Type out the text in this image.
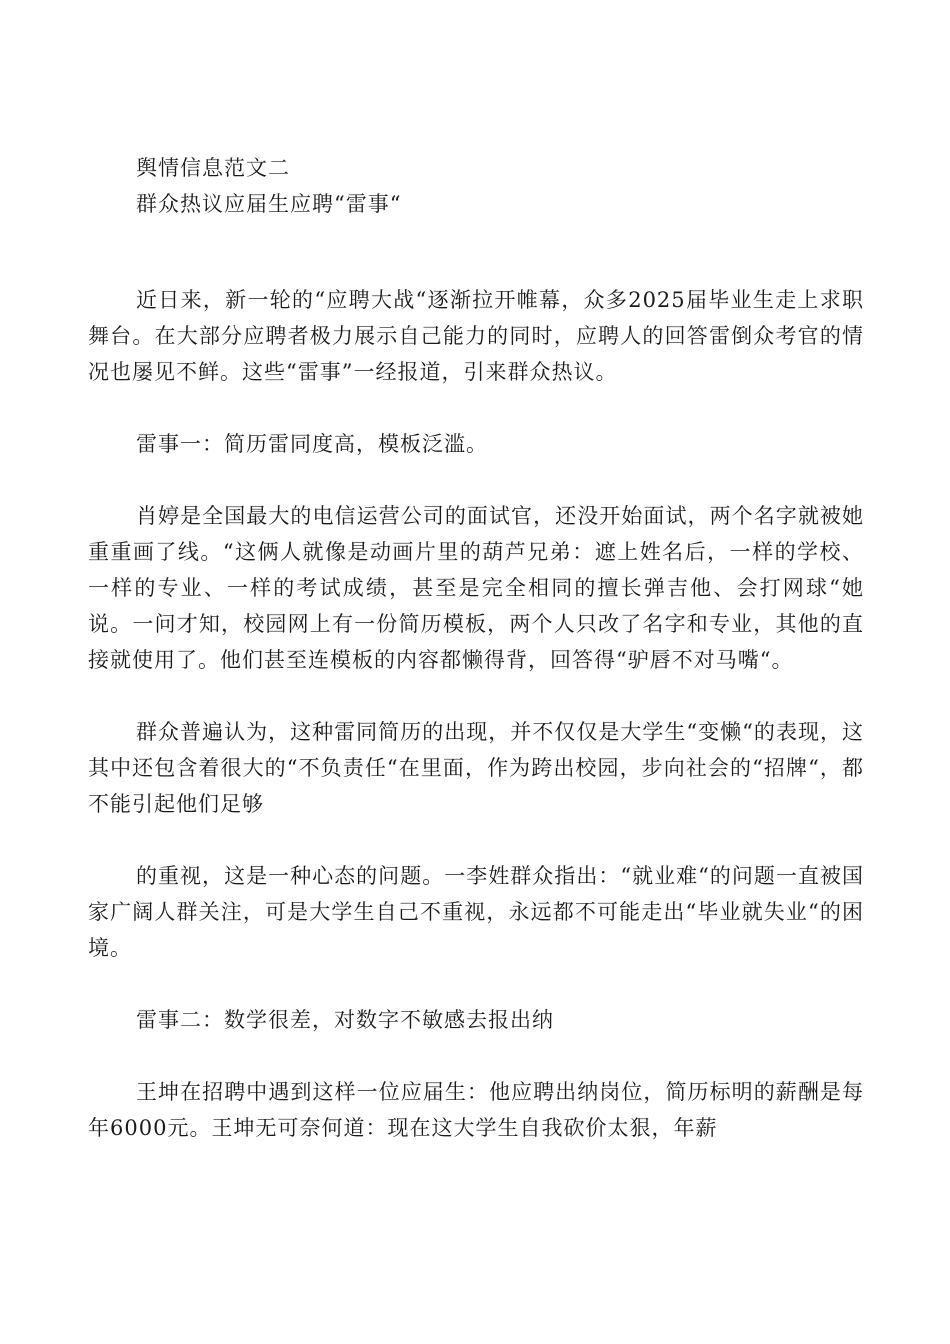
舆情信息范文二

群众热议应届生应聘“雷事“

近日来，新一轮的“应聘大战“逐渐拉开帷幕，众多2025届毕业生走上求职舞台。在大部分应聘者极力展示自己能力的同时，应聘人的回答雷倒众考官的情况也屡见不鲜。这些“雷事”一经报道，引来群众热议。

雷事一：简历雷同度高，模板泛滥。

肖婷是全国最大的电信运营公司的面试官，还没开始面试，两个名字就被她重重画了线。“这俩人就像是动画片里的葫芦兄弟：遮上姓名后，一样的学校、一样的专业、一样的考试成绩，甚至是完全相同的擅长弹吉他、会打网球“她说。一问才知，校园网上有一份简历模板，两个人只改了名字和专业，其他的直接就使用了。他们甚至连模板的内容都懒得背，回答得“驴唇不对马嘴“。

群众普遍认为，这种雷同简历的出现，并不仅仅是大学生“变懒“的表现，这其中还包含着很大的“不负责任“在里面，作为跨出校园，步向社会的“招牌“，都不能引起他们足够

的重视，这是一种心态的问题。一李姓群众指出：“就业难“的问题一直被国家广阔人群关注，可是大学生自己不重视，永远都不可能走出“毕业就失业“的困境。

雷事二：数学很差，对数字不敏感去报出纳

王坤在招聘中遇到这样一位应届生：他应聘出纳岗位，简历标明的薪酬是每年6000元。王坤无可奈何道：现在这大学生自我砍价太狠，年薪
